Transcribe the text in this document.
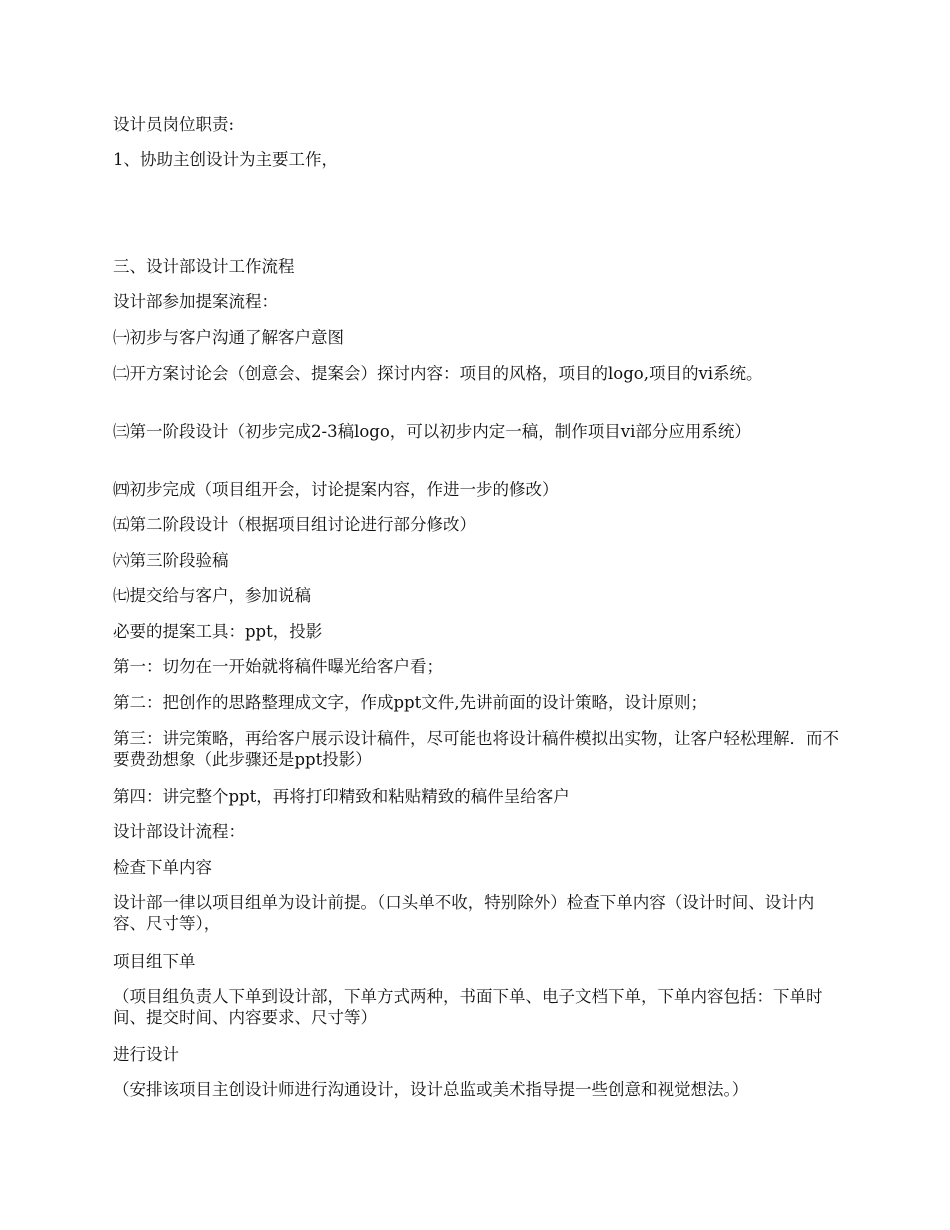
设计员岗位职责:

1、协助主创设计为主要工作，

三、设计部设计工作流程

设计部参加提案流程：

㈠初步与客户沟通了解客户意图

㈡开方案讨论会（创意会、提案会）探讨内容：项目的风格，项目的logo,项目的vi系统。

㈢第一阶段设计（初步完成2-3稿logo，可以初步内定一稿，制作项目vi部分应用系统）

㈣初步完成（项目组开会，讨论提案内容，作进一步的修改）

㈤第二阶段设计（根据项目组讨论进行部分修改）

㈥第三阶段验稿

㈦提交给与客户，参加说稿

必要的提案工具：ppt，投影

第一：切勿在一开始就将稿件曝光给客户看；

第二：把创作的思路整理成文字，作成ppt文件,先讲前面的设计策略，设计原则；

第三：讲完策略，再给客户展示设计稿件，尽可能也将设计稿件模拟出实物，让客户轻松理解．而不要费劲想象（此步骤还是ppt投影）

第四：讲完整个ppt，再将打印精致和粘贴精致的稿件呈给客户

设计部设计流程：

检查下单内容

设计部一律以项目组单为设计前提。（口头单不收，特别除外）检查下单内容（设计时间、设计内容、尺寸等），

项目组下单

（项目组负责人下单到设计部，下单方式两种，书面下单、电子文档下单，下单内容包括：下单时间、提交时间、内容要求、尺寸等）

进行设计

（安排该项目主创设计师进行沟通设计，设计总监或美术指导提一些创意和视觉想法。）
